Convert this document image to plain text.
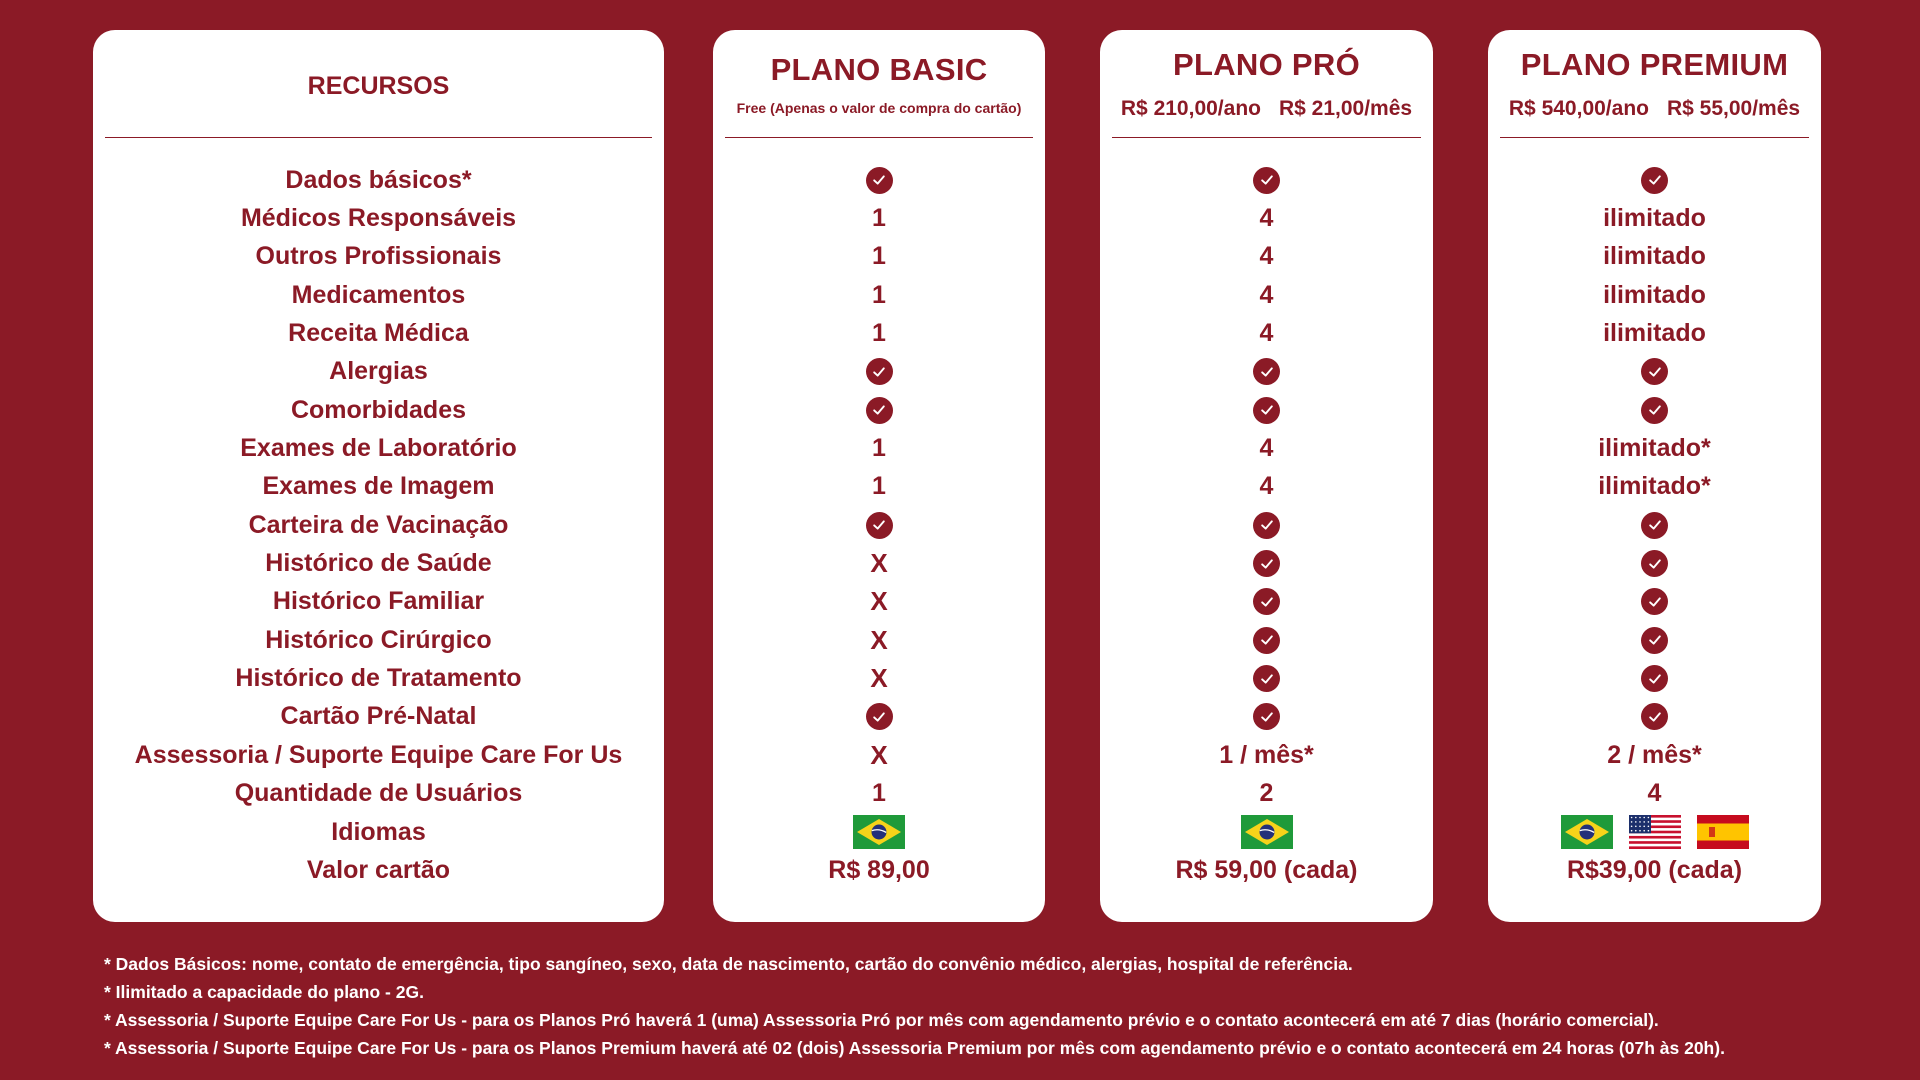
RECURSOS
Dados básicos*
Médicos Responsáveis
Outros Profissionais
Medicamentos
Receita Médica
Alergias
Comorbidades
Exames de Laboratório
Exames de Imagem
Carteira de Vacinação
Histórico de Saúde
Histórico Familiar
Histórico Cirúrgico
Histórico de Tratamento
Cartão Pré-Natal
Assessoria / Suporte Equipe Care For Us
Quantidade de Usuários
Idiomas
Valor cartão
PLANO BASIC
Free (Apenas o valor de compra do cartão)
1
1
1
1
1
1
X
X
X
X
X
1
R$ 89,00
PLANO PRÓ
R$ 210,00/ano R$ 21,00/mês
4
4
4
4
4
4
1 / mês*
2
R$ 59,00 (cada)
PLANO PREMIUM
R$ 540,00/ano R$ 55,00/mês
ilimitado
ilimitado
ilimitado
ilimitado
ilimitado*
ilimitado*
2 / mês*
4
R$39,00 (cada)
* Dados Básicos: nome, contato de emergência, tipo sangíneo, sexo, data de nascimento, cartão do convênio médico, alergias, hospital de referência.
* Ilimitado a capacidade do plano - 2G.
* Assessoria / Suporte Equipe Care For Us - para os Planos Pró haverá 1 (uma) Assessoria Pró por mês com agendamento prévio e o contato acontecerá em até 7 dias (horário comercial).
* Assessoria / Suporte Equipe Care For Us - para os Planos Premium haverá até 02 (dois) Assessoria Premium por mês com agendamento prévio e o contato acontecerá em 24 horas (07h às 20h).
